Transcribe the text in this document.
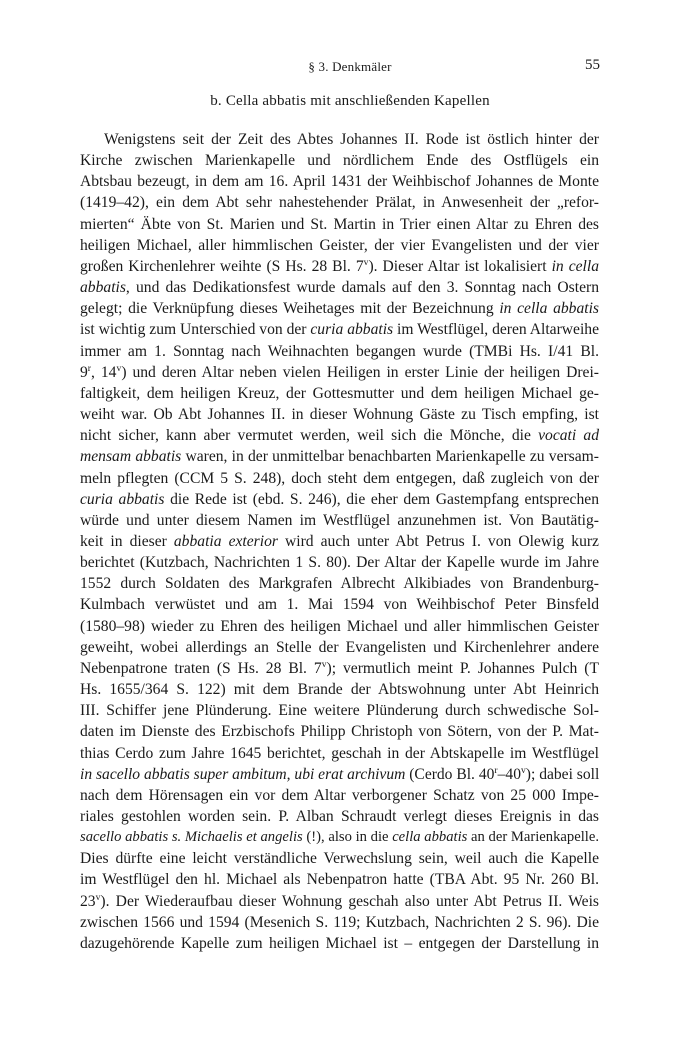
§ 3. Denkmäler	55
b. Cella abbatis mit anschließenden Kapellen
Wenigstens seit der Zeit des Abtes Johannes II. Rode ist östlich hinter der
Kirche zwischen Marienkapelle und nördlichem Ende des Ostflügels ein
Abtsbau bezeugt, in dem am 16. April 1431 der Weihbischof Johannes de Monte
(1419–42), ein dem Abt sehr nahestehender Prälat, in Anwesenheit der „refor-
mierten“ Äbte von St. Marien und St. Martin in Trier einen Altar zu Ehren des
heiligen Michael, aller himmlischen Geister, der vier Evangelisten und der vier
großen Kirchenlehrer weihte (S Hs. 28 Bl. 7$^v$). Dieser Altar ist lokalisiert in cella
abbatis, und das Dedikationsfest wurde damals auf den 3. Sonntag nach Ostern
gelegt; die Verknüpfung dieses Weihetages mit der Bezeichnung in cella abbatis
ist wichtig zum Unterschied von der curia abbatis im Westflügel, deren Altarweihe
immer am 1. Sonntag nach Weihnachten begangen wurde (TMBi Hs. I/41 Bl.
9$^r$, 14$^v$) und deren Altar neben vielen Heiligen in erster Linie der heiligen Drei-
faltigkeit, dem heiligen Kreuz, der Gottesmutter und dem heiligen Michael ge-
weiht war. Ob Abt Johannes II. in dieser Wohnung Gäste zu Tisch empfing, ist
nicht sicher, kann aber vermutet werden, weil sich die Mönche, die vocati ad
mensam abbatis waren, in der unmittelbar benachbarten Marienkapelle zu versam-
meln pflegten (CCM 5 S. 248), doch steht dem entgegen, daß zugleich von der
curia abbatis die Rede ist (ebd. S. 246), die eher dem Gastempfang entsprechen
würde und unter diesem Namen im Westflügel anzunehmen ist. Von Bautätig-
keit in dieser abbatia exterior wird auch unter Abt Petrus I. von Olewig kurz
berichtet (Kutzbach, Nachrichten 1 S. 80). Der Altar der Kapelle wurde im Jahre
1552 durch Soldaten des Markgrafen Albrecht Alkibiades von Brandenburg-
Kulmbach verwüstet und am 1. Mai 1594 von Weihbischof Peter Binsfeld
(1580–98) wieder zu Ehren des heiligen Michael und aller himmlischen Geister
geweiht, wobei allerdings an Stelle der Evangelisten und Kirchenlehrer andere
Nebenpatrone traten (S Hs. 28 Bl. 7$^v$); vermutlich meint P. Johannes Pulch (T
Hs. 1655/364 S. 122) mit dem Brande der Abtswohnung unter Abt Heinrich
III. Schiffer jene Plünderung. Eine weitere Plünderung durch schwedische Sol-
daten im Dienste des Erzbischofs Philipp Christoph von Sötern, von der P. Mat-
thias Cerdo zum Jahre 1645 berichtet, geschah in der Abtskapelle im Westflügel
in sacello abbatis super ambitum, ubi erat archivum (Cerdo Bl. 40$^r$–40$^v$); dabei soll
nach dem Hörensagen ein vor dem Altar verborgener Schatz von 25 000 Impe-
riales gestohlen worden sein. P. Alban Schraudt verlegt dieses Ereignis in das
sacello abbatis s. Michaelis et angelis (!), also in die cella abbatis an der Marienkapelle.
Dies dürfte eine leicht verständliche Verwechslung sein, weil auch die Kapelle
im Westflügel den hl. Michael als Nebenpatron hatte (TBA Abt. 95 Nr. 260 Bl.
23$^v$). Der Wiederaufbau dieser Wohnung geschah also unter Abt Petrus II. Weis
zwischen 1566 und 1594 (Mesenich S. 119; Kutzbach, Nachrichten 2 S. 96). Die
dazugehörende Kapelle zum heiligen Michael ist – entgegen der Darstellung in
